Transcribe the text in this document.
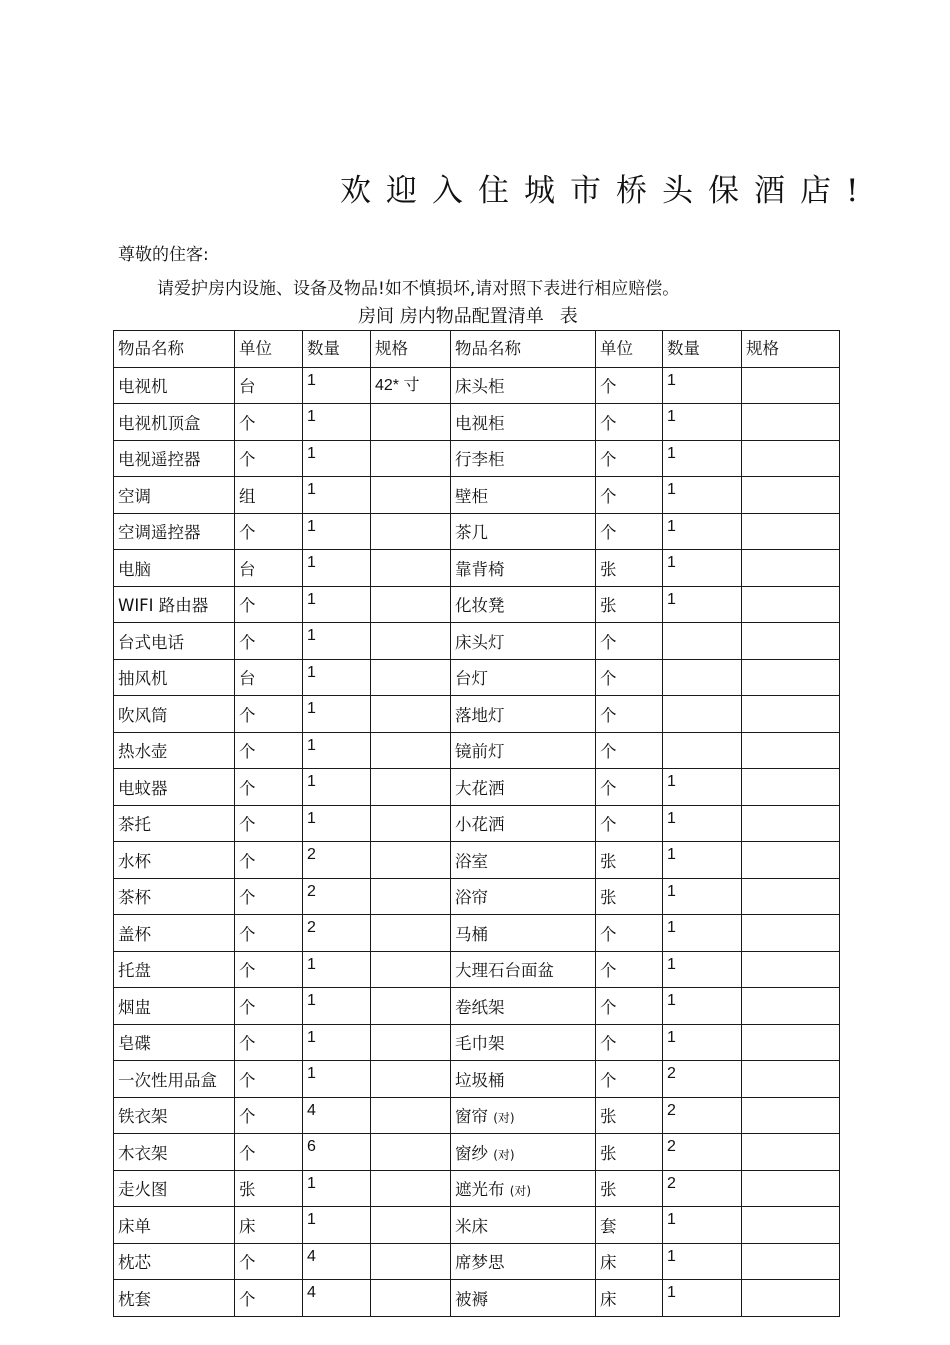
欢迎入住城市桥头保酒店!
尊敬的住客:
请爱护房内设施、设备及物品!如不慎损坏,请对照下表进行相应赔偿。
房间 房内物品配置清单 表
物品名称	单位	数量	规格	物品名称	单位	数量	规格
电视机	台	1	42* 寸	床头柜	个	1	
电视机顶盒	个	1		电视柜	个	1	
电视遥控器	个	1		行李柜	个	1	
空调	组	1		壁柜	个	1	
空调遥控器	个	1		茶几	个	1	
电脑	台	1		靠背椅	张	1	
WIFI 路由器	个	1		化妆凳	张	1	
台式电话	个	1		床头灯	个		
抽风机	台	1		台灯	个		
吹风筒	个	1		落地灯	个		
热水壶	个	1		镜前灯	个		
电蚊器	个	1		大花洒	个	1	
茶托	个	1		小花洒	个	1	
水杯	个	2		浴室	张	1	
茶杯	个	2		浴帘	张	1	
盖杯	个	2		马桶	个	1	
托盘	个	1		大理石台面盆	个	1	
烟盅	个	1		卷纸架	个	1	
皂碟	个	1		毛巾架	个	1	
一次性用品盒	个	1		垃圾桶	个	2	
铁衣架	个	4		窗帘 (对)	张	2	
木衣架	个	6		窗纱 (对)	张	2	
走火图	张	1		遮光布 (对)	张	2	
床单	床	1		米床	套	1	
枕芯	个	4		席梦思	床	1	
枕套	个	4		被褥	床	1	
